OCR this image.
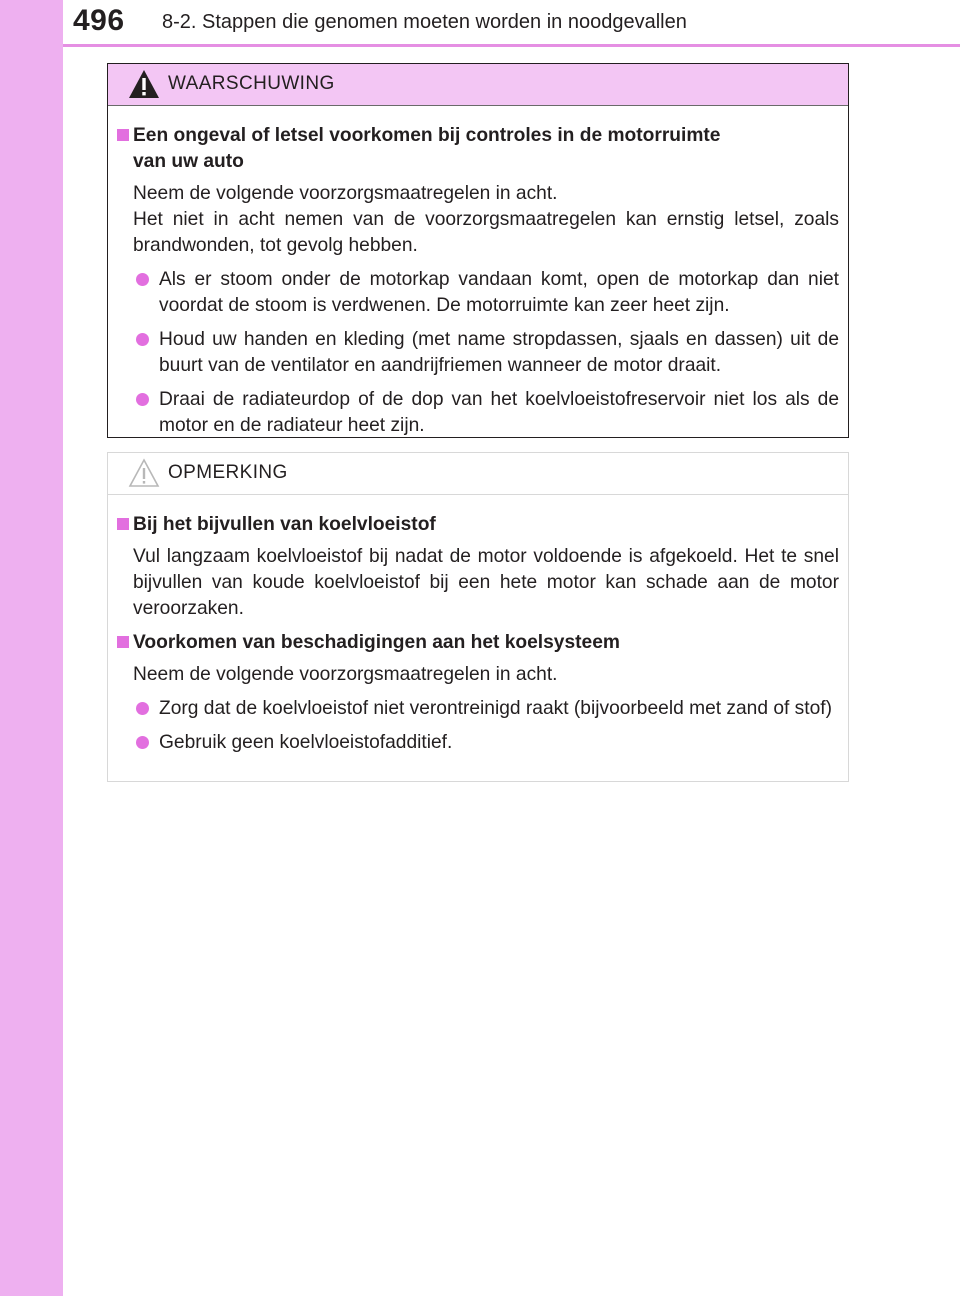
496 8-2. Stappen die genomen moeten worden in noodgevallen
WAARSCHUWING
Een ongeval of letsel voorkomen bij controles in de motorruimte
van uw auto
Neem de volgende voorzorgsmaatregelen in acht.
Het niet in acht nemen van de voorzorgsmaatregelen kan ernstig letsel, zoals brandwonden, tot gevolg hebben.
Als er stoom onder de motorkap vandaan komt, open de motorkap dan niet voordat de stoom is verdwenen. De motorruimte kan zeer heet zijn.
Houd uw handen en kleding (met name stropdassen, sjaals en dassen) uit de buurt van de ventilator en aandrijfriemen wanneer de motor draait.
Draai de radiateurdop of de dop van het koelvloeistofreservoir niet los als de motor en de radiateur heet zijn.
OPMERKING
Bij het bijvullen van koelvloeistof
Vul langzaam koelvloeistof bij nadat de motor voldoende is afgekoeld. Het te snel bijvullen van koude koelvloeistof bij een hete motor kan schade aan de motor veroorzaken.
Voorkomen van beschadigingen aan het koelsysteem
Neem de volgende voorzorgsmaatregelen in acht.
Zorg dat de koelvloeistof niet verontreinigd raakt (bijvoorbeeld met zand of stof)
Gebruik geen koelvloeistofadditief.
